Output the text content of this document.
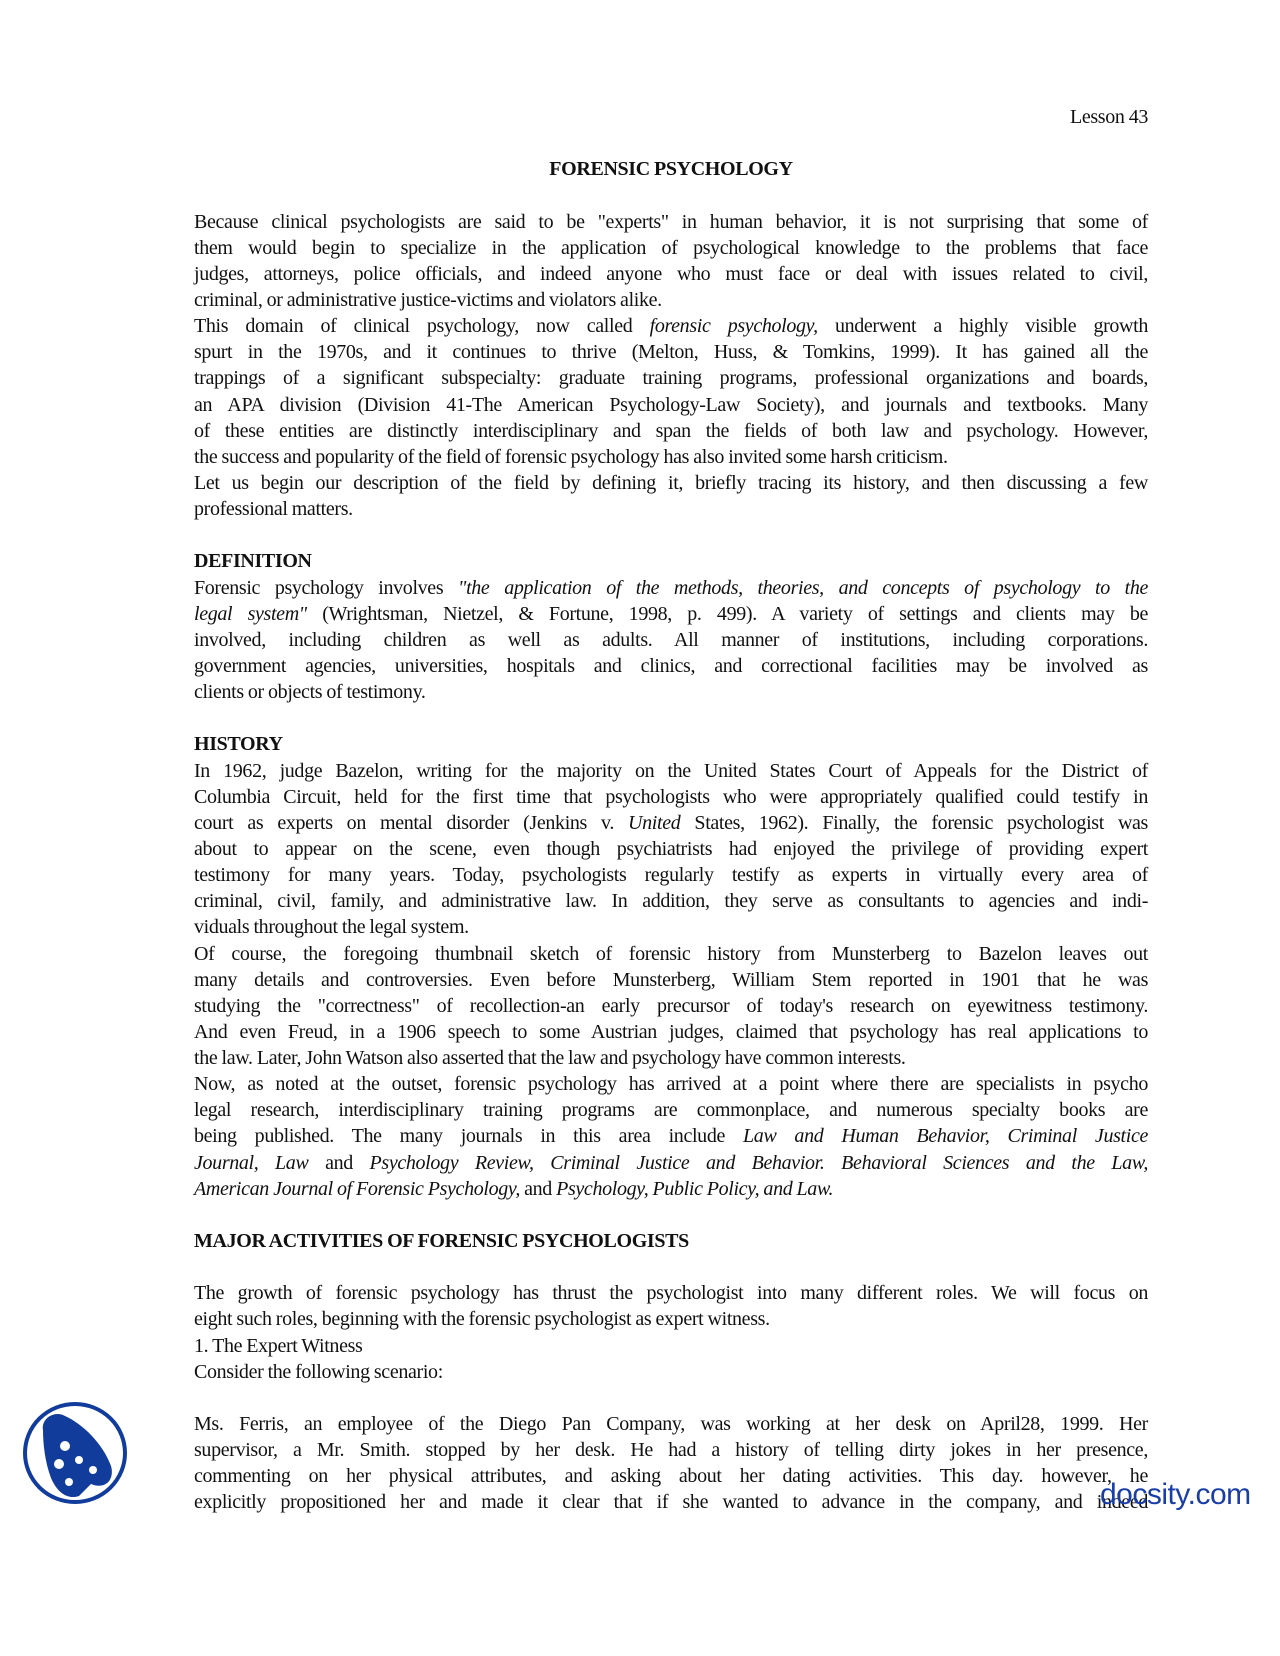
Lesson 43
FORENSIC PSYCHOLOGY
Because clinical psychologists are said to be "experts" in human behavior, it is not surprising that some of
them would begin to specialize in the application of psychological knowledge to the problems that face
judges, attorneys, police officials, and indeed anyone who must face or deal with issues related to civil,
criminal, or administrative justice-victims and violators alike.
This domain of clinical psychology, now called forensic psychology, underwent a highly visible growth
spurt in the 1970s, and it continues to thrive (Melton, Huss, & Tomkins, 1999). It has gained all the
trappings of a significant subspecialty: graduate training programs, professional organizations and boards,
an APA division (Division 41-The American Psychology-Law Society), and journals and textbooks. Many
of these entities are distinctly interdisciplinary and span the fields of both law and psychology. However,
the success and popularity of the field of forensic psychology has also invited some harsh criticism.
Let us begin our description of the field by defining it, briefly tracing its history, and then discussing a few
professional matters.
DEFINITION
Forensic psychology involves "the application of the methods, theories, and concepts of psychology to the
legal system" (Wrightsman, Nietzel, & Fortune, 1998, p. 499). A variety of settings and clients may be
involved, including children as well as adults. All manner of institutions, including corporations.
government agencies, universities, hospitals and clinics, and correctional facilities may be involved as
clients or objects of testimony.
HISTORY
In 1962, judge Bazelon, writing for the majority on the United States Court of Appeals for the District of
Columbia Circuit, held for the first time that psychologists who were appropriately qualified could testify in
court as experts on mental disorder (Jenkins v. United States, 1962). Finally, the forensic psychologist was
about to appear on the scene, even though psychiatrists had enjoyed the privilege of providing expert
testimony for many years. Today, psychologists regularly testify as experts in virtually every area of
criminal, civil, family, and administrative law. In addition, they serve as consultants to agencies and indi-
viduals throughout the legal system.
Of course, the foregoing thumbnail sketch of forensic history from Munsterberg to Bazelon leaves out
many details and controversies. Even before Munsterberg, William Stem reported in 1901 that he was
studying the "correctness" of recollection-an early precursor of today's research on eyewitness testimony.
And even Freud, in a 1906 speech to some Austrian judges, claimed that psychology has real applications to
the law. Later, John Watson also asserted that the law and psychology have common interests.
Now, as noted at the outset, forensic psychology has arrived at a point where there are specialists in psycho
legal research, interdisciplinary training programs are commonplace, and numerous specialty books are
being published. The many journals in this area include Law and Human Behavior, Criminal Justice
Journal, Law and Psychology Review, Criminal Justice and Behavior. Behavioral Sciences and the Law,
American Journal of Forensic Psychology, and Psychology, Public Policy, and Law.
MAJOR ACTIVITIES OF FORENSIC PSYCHOLOGISTS
The growth of forensic psychology has thrust the psychologist into many different roles. We will focus on
eight such roles, beginning with the forensic psychologist as expert witness.
1. The Expert Witness
Consider the following scenario:
Ms. Ferris, an employee of the Diego Pan Company, was working at her desk on April28, 1999. Her
supervisor, a Mr. Smith. stopped by her desk. He had a history of telling dirty jokes in her presence,
commenting on her physical attributes, and asking about her dating activities. This day. however, he
explicitly propositioned her and made it clear that if she wanted to advance in the company, and indeed
docsity.com
